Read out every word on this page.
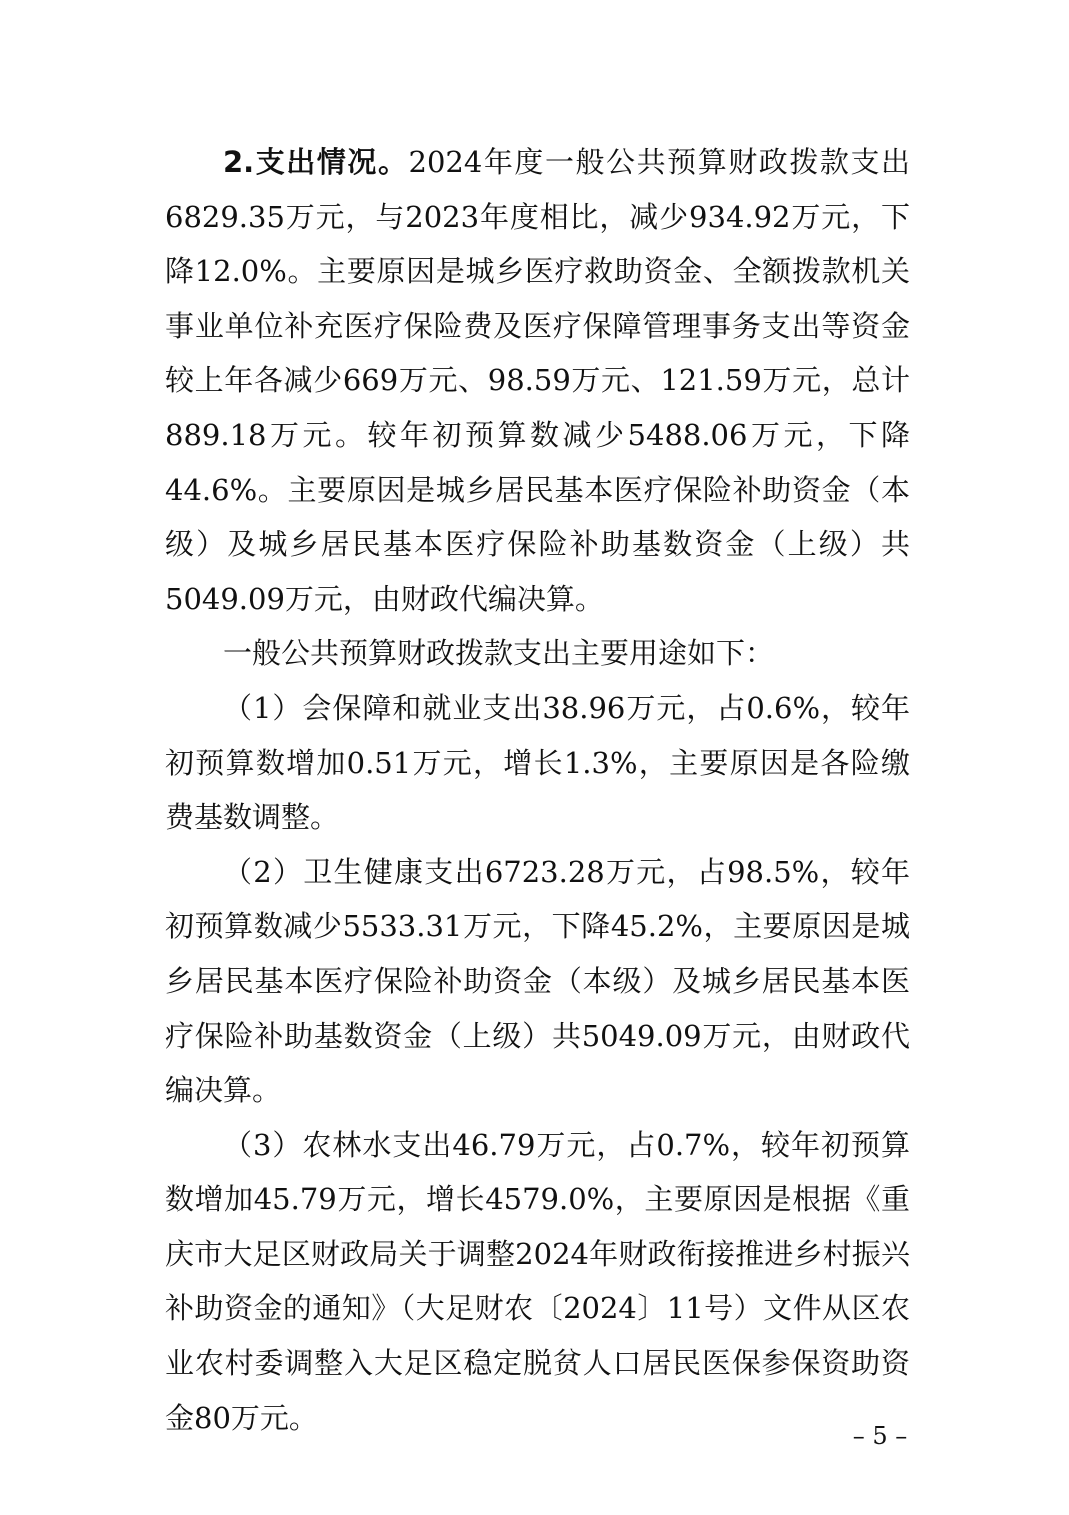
2.支出情况。2024年度一般公共预算财政拨款支出6829.35万元，与2023年度相比，减少934.92万元，下降12.0%。主要原因是城乡医疗救助资金、全额拨款机关事业单位补充医疗保险费及医疗保障管理事务支出等资金较上年各减少669万元、98.59万元、121.59万元，总计889.18万元。较年初预算数减少5488.06万元，下降44.6%。主要原因是城乡居民基本医疗保险补助资金（本级）及城乡居民基本医疗保险补助基数资金（上级）共5049.09万元，由财政代编决算。

一般公共预算财政拨款支出主要用途如下：

（1）会保障和就业支出38.96万元，占0.6%，较年初预算数增加0.51万元，增长1.3%，主要原因是各险缴费基数调整。

（2）卫生健康支出6723.28万元，占98.5%，较年初预算数减少5533.31万元，下降45.2%，主要原因是城乡居民基本医疗保险补助资金（本级）及城乡居民基本医疗保险补助基数资金（上级）共5049.09万元，由财政代编决算。

（3）农林水支出46.79万元，占0.7%，较年初预算数增加45.79万元，增长4579.0%，主要原因是根据《重庆市大足区财政局关于调整2024年财政衔接推进乡村振兴补助资金的通知》（大足财农〔2024〕11号）文件从区农业农村委调整入大足区稳定脱贫人口居民医保参保资助资金80万元。

– 5 –
